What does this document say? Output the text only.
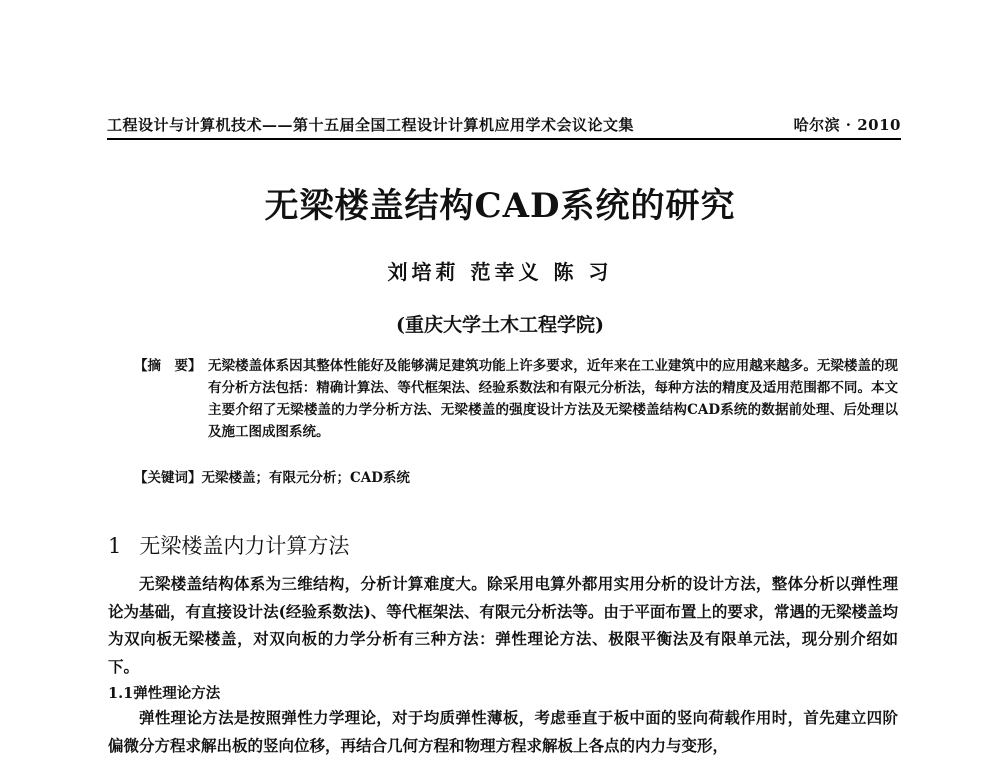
工程设计与计算机技术——第十五届全国工程设计计算机应用学术会议论文集	哈尔滨 · 2010
无梁楼盖结构CAD系统的研究
刘培莉 范幸义 陈 习
(重庆大学土木工程学院)
【摘　要】 无梁楼盖体系因其整体性能好及能够满足建筑功能上许多要求，近年来在工业建筑中的应用越来越多。无梁楼盖的现有分析方法包括：精确计算法、等代框架法、经验系数法和有限元分析法，每种方法的精度及适用范围都不同。本文主要介绍了无梁楼盖的力学分析方法、无梁楼盖的强度设计方法及无梁楼盖结构CAD系统的数据前处理、后处理以及施工图成图系统。
【关键词】无梁楼盖；有限元分析；CAD系统
1 无梁楼盖内力计算方法
无梁楼盖结构体系为三维结构，分析计算难度大。除采用电算外都用实用分析的设计方法，整体分析以弹性理论为基础，有直接设计法(经验系数法)、等代框架法、有限元分析法等。由于平面布置上的要求，常遇的无梁楼盖均为双向板无梁楼盖，对双向板的力学分析有三种方法：弹性理论方法、极限平衡法及有限单元法，现分别介绍如下。
1.1弹性理论方法
弹性理论方法是按照弹性力学理论，对于均质弹性薄板，考虑垂直于板中面的竖向荷载作用时，首先建立四阶偏微分方程求解出板的竖向位移，再结合几何方程和物理方程求解板上各点的内力与变形，
